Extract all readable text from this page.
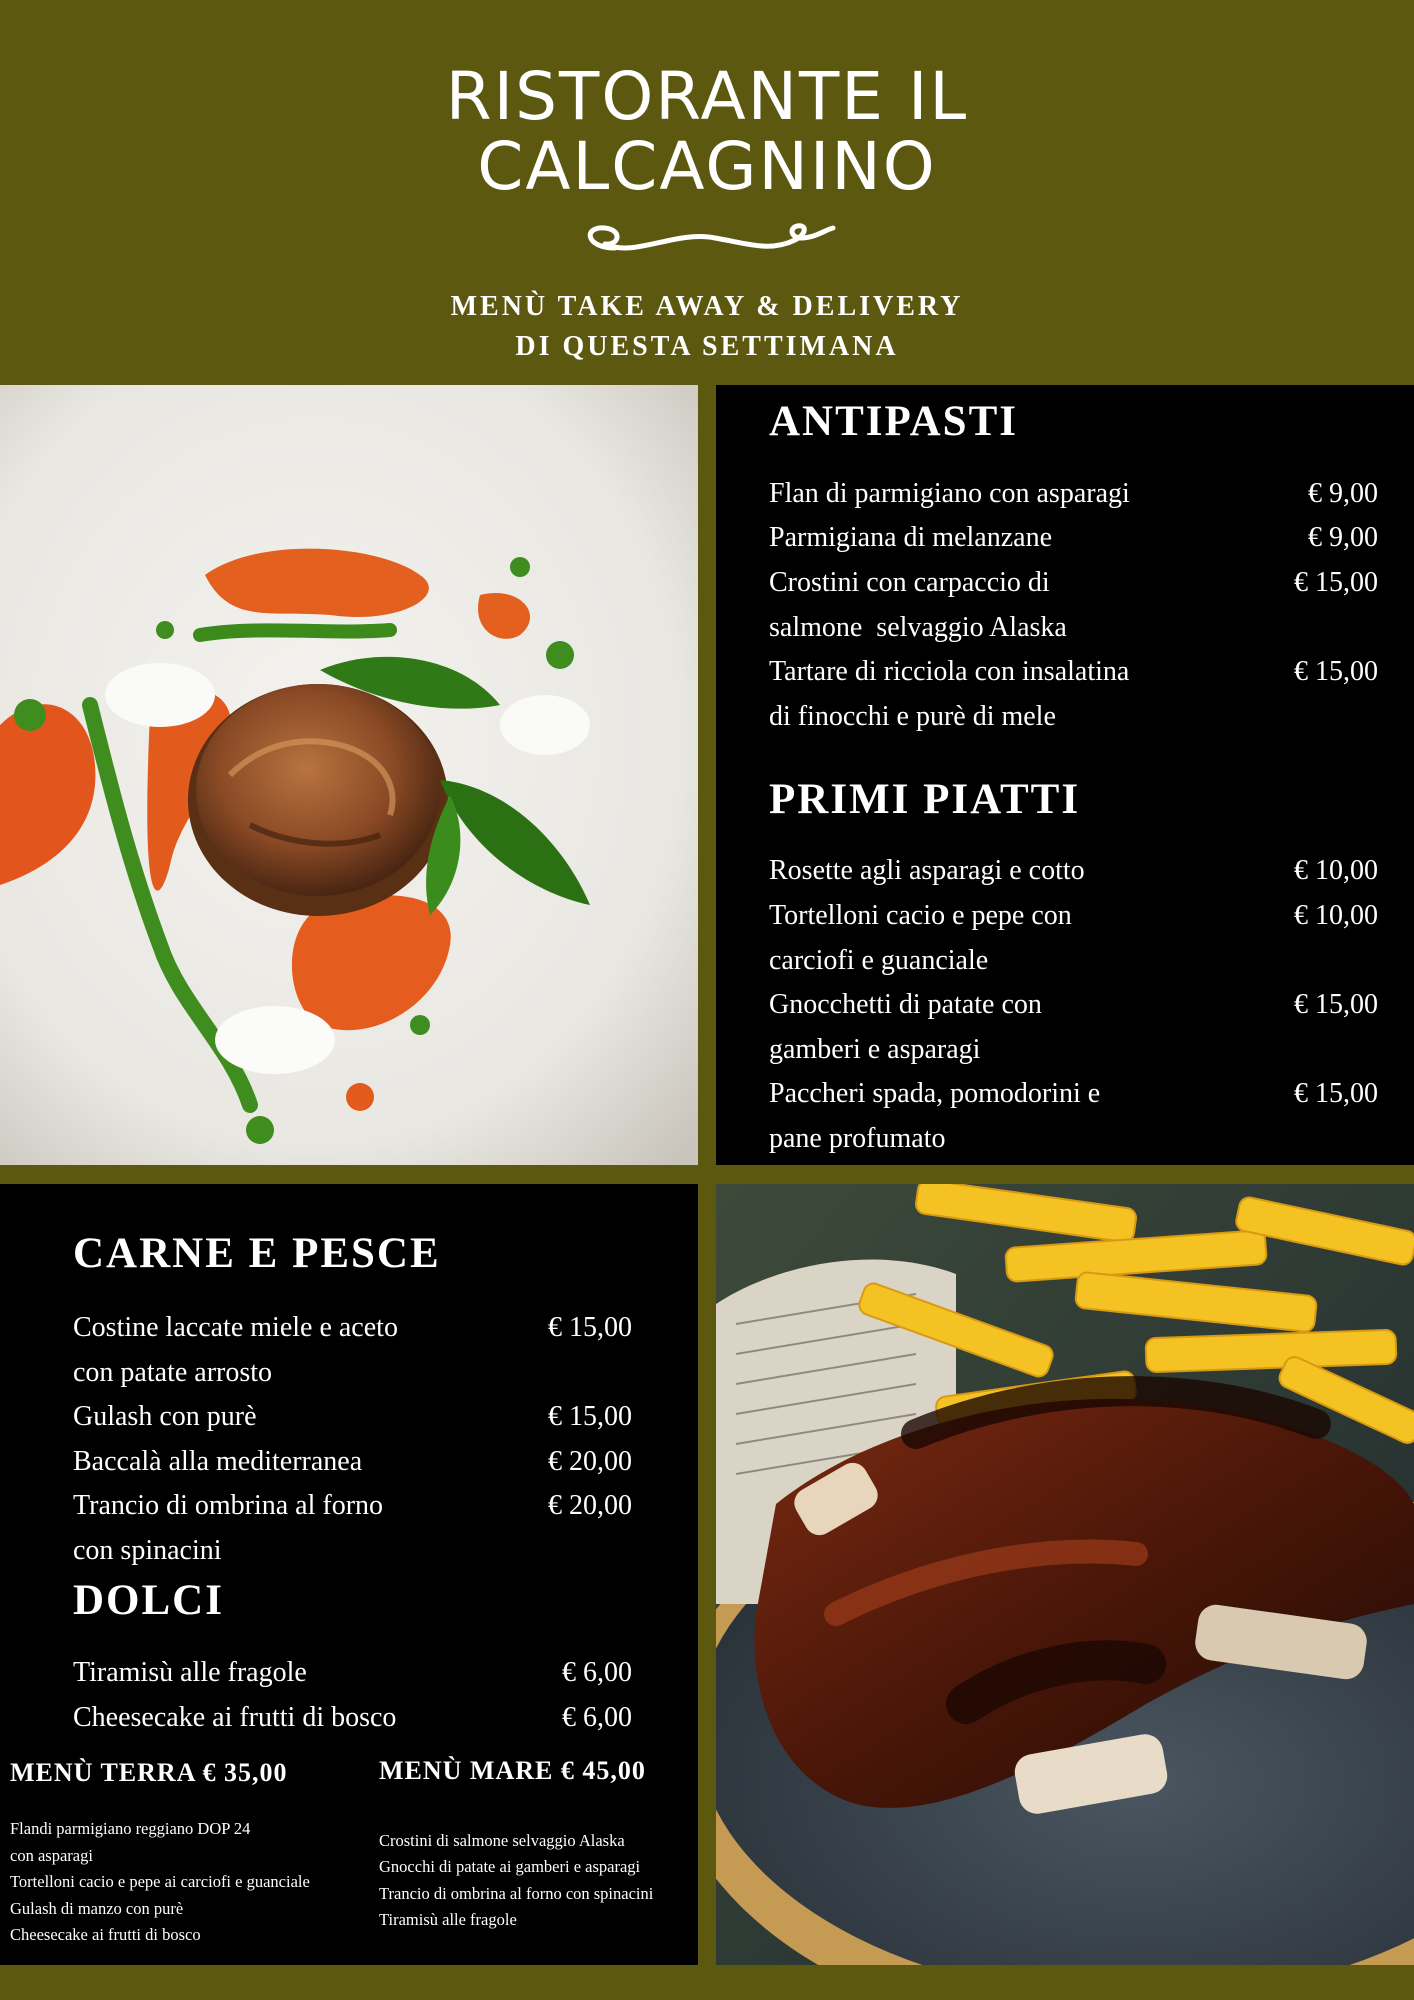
RISTORANTE IL
CALCAGNINO
MENÙ TAKE AWAY & DELIVERY
DI QUESTA SETTIMANA
ANTIPASTI
Flan di parmigiano con asparagi	€ 9,00
Parmigiana di melanzane	€ 9,00
Crostini con carpaccio di
salmone  selvaggio Alaska
€ 15,00
Tartare di ricciola con insalatina
di finocchi e purè di mele
€ 15,00
PRIMI PIATTI
Rosette agli asparagi e cotto	€ 10,00
Tortelloni cacio e pepe con
carciofi e guanciale
€ 10,00
Gnocchetti di patate con
gamberi e asparagi
€ 15,00
Paccheri spada, pomodorini e
pane profumato
€ 15,00
CARNE E PESCE
Costine laccate miele e aceto
con patate arrosto
€ 15,00
Gulash con purè	€ 15,00
Baccalà alla mediterranea	€ 20,00
Trancio di ombrina al forno
con spinacini
€ 20,00
DOLCI
Tiramisù alle fragole	€ 6,00
Cheesecake ai frutti di bosco	€ 6,00
MENÙ TERRA € 35,00	MENÙ MARE € 45,00
Flandi parmigiano reggiano DOP 24
con asparagi
Tortelloni cacio e pepe ai carciofi e guanciale
Gulash di manzo con purè
Cheesecake ai frutti di bosco
Crostini di salmone selvaggio Alaska
Gnocchi di patate ai gamberi e asparagi
Trancio di ombrina al forno con spinacini
Tiramisù alle fragole
